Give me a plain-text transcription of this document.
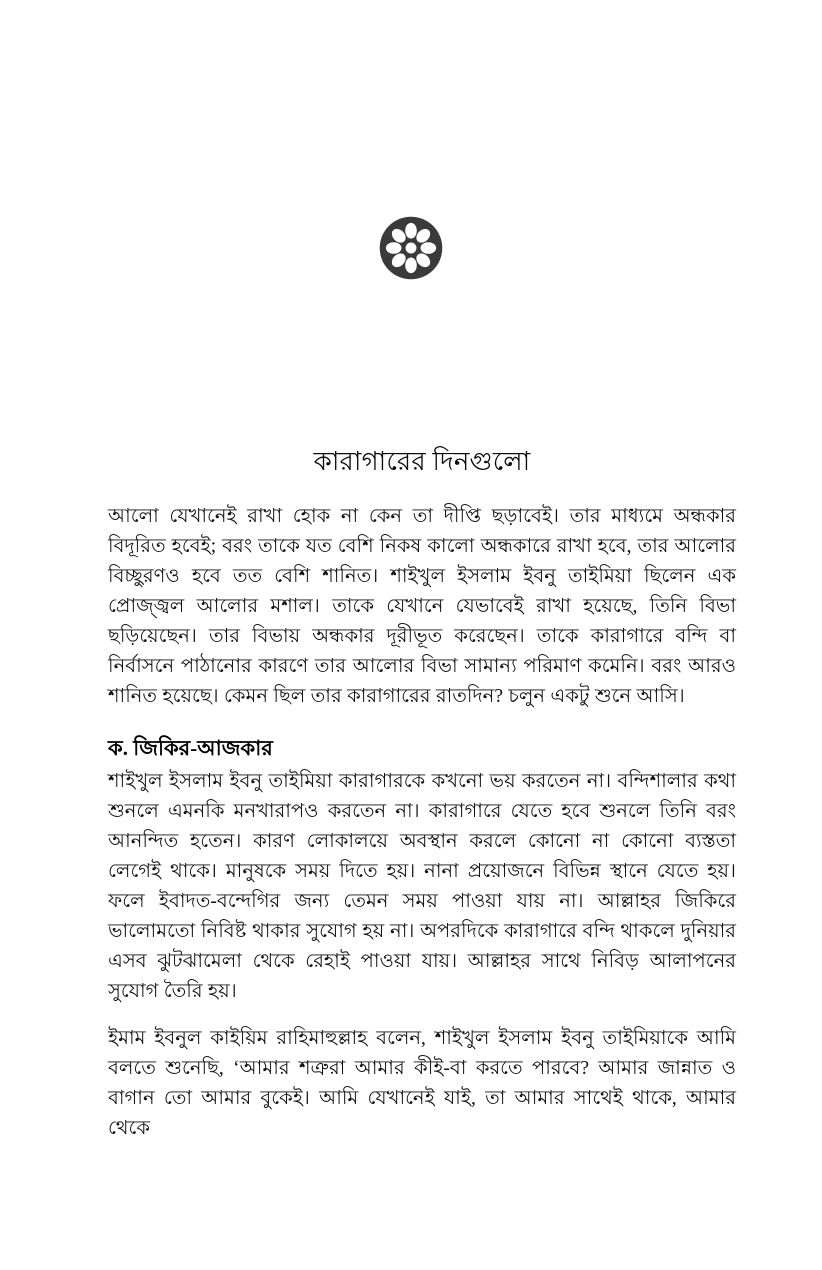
কারাগারের দিনগুলো

আলো যেখানেই রাখা হোক না কেন তা দীপ্তি ছড়াবেই। তার মাধ্যমে অন্ধকার বিদূরিত হবেই; বরং তাকে যত বেশি নিকষ কালো অন্ধকারে রাখা হবে, তার আলোর বিচ্ছুরণও হবে তত বেশি শানিত। শাইখুল ইসলাম ইবনু তাইমিয়া ছিলেন এক প্রোজ্জ্বল আলোর মশাল। তাকে যেখানে যেভাবেই রাখা হয়েছে, তিনি বিভা ছড়িয়েছেন। তার বিভায় অন্ধকার দূরীভূত করেছেন। তাকে কারাগারে বন্দি বা নির্বাসনে পাঠানোর কারণে তার আলোর বিভা সামান্য পরিমাণ কমেনি। বরং আরও শানিত হয়েছে। কেমন ছিল তার কারাগারের রাতদিন? চলুন একটু শুনে আসি।

ক. জিকির-আজকার

শাইখুল ইসলাম ইবনু তাইমিয়া কারাগারকে কখনো ভয় করতেন না। বন্দিশালার কথা শুনলে এমনকি মনখারাপও করতেন না। কারাগারে যেতে হবে শুনলে তিনি বরং আনন্দিত হতেন। কারণ লোকালয়ে অবস্থান করলে কোনো না কোনো ব্যস্ততা লেগেই থাকে। মানুষকে সময় দিতে হয়। নানা প্রয়োজনে বিভিন্ন স্থানে যেতে হয়। ফলে ইবাদত-বন্দেগির জন্য তেমন সময় পাওয়া যায় না। আল্লাহর জিকিরে ভালোমতো নিবিষ্ট থাকার সুযোগ হয় না। অপরদিকে কারাগারে বন্দি থাকলে দুনিয়ার এসব ঝুটঝামেলা থেকে রেহাই পাওয়া যায়। আল্লাহর সাথে নিবিড় আলাপনের সুযোগ তৈরি হয়।

ইমাম ইবনুল কাইয়িম রাহিমাহুল্লাহ বলেন, শাইখুল ইসলাম ইবনু তাইমিয়াকে আমি বলতে শুনেছি, ‘আমার শত্রুরা আমার কীই-বা করতে পারবে? আমার জান্নাত ও বাগান তো আমার বুকেই। আমি যেখানেই যাই, তা আমার সাথেই থাকে, আমার থেকে
